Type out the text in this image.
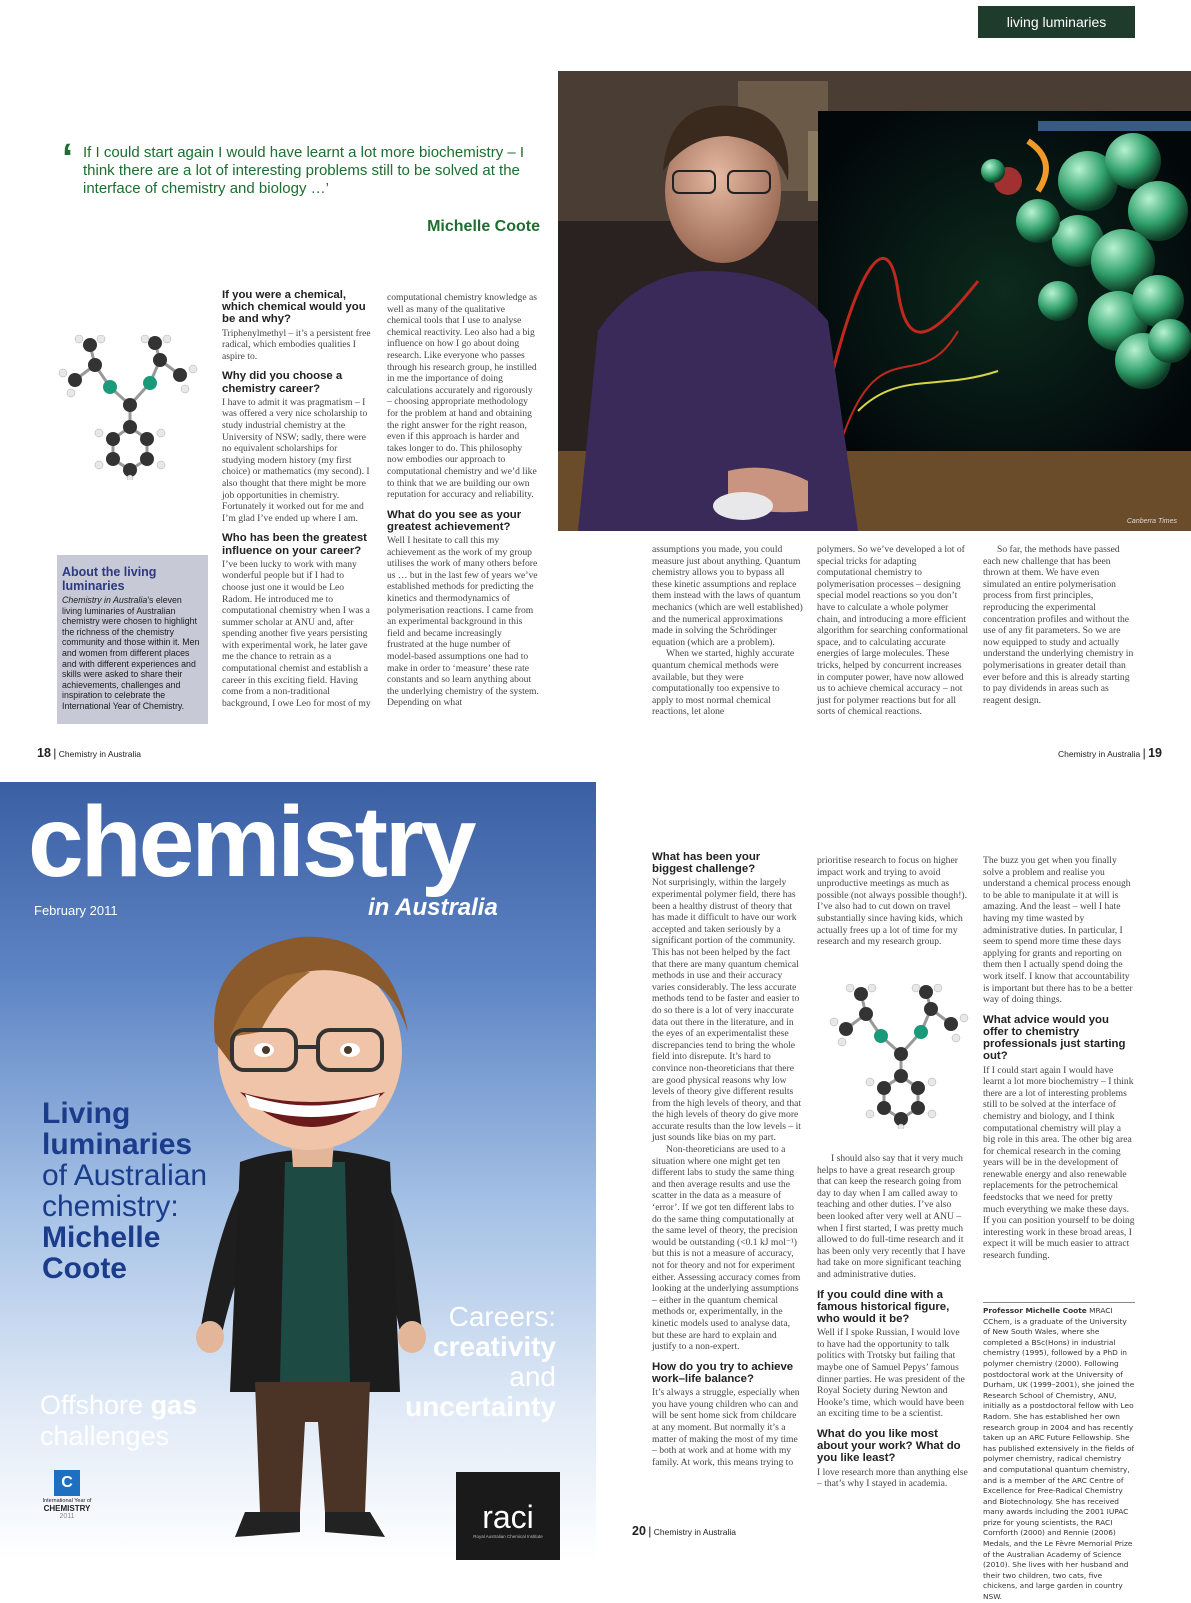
living luminaries
‘ If I could start again I would have learnt a lot more biochemistry – I think there are a lot of interesting problems still to be solved at the interface of chemistry and biology …’
Michelle Coote
Canberra Times
About the living luminaries
Chemistry in Australia’s eleven living luminaries of Australian chemistry were chosen to highlight the richness of the chemistry community and those within it. Men and women from different places and with different experiences and skills were asked to share their achievements, challenges and inspiration to celebrate the International Year of Chemistry.
If you were a chemical, which chemical would you be and why?

Triphenylmethyl – it’s a persistent free radical, which embodies qualities I aspire to.

Why did you choose a chemistry career?

I have to admit it was pragmatism – I was offered a very nice scholarship to study industrial chemistry at the University of NSW; sadly, there were no equivalent scholarships for studying modern history (my first choice) or mathematics (my second). I also thought that there might be more job opportunities in chemistry. Fortunately it worked out for me and I’m glad I’ve ended up where I am.

Who has been the greatest influence on your career?

I’ve been lucky to work with many wonderful people but if I had to choose just one it would be Leo Radom. He introduced me to computational chemistry when I was a summer scholar at ANU and, after spending another five years persisting with experimental work, he later gave me the chance to retrain as a computational chemist and establish a career in this exciting field. Having come from a non-traditional background, I owe Leo for most of my

computational chemistry knowledge as well as many of the qualitative chemical tools that I use to analyse chemical reactivity. Leo also had a big influence on how I go about doing research. Like everyone who passes through his research group, he instilled in me the importance of doing calculations accurately and rigorously – choosing appropriate methodology for the problem at hand and obtaining the right answer for the right reason, even if this approach is harder and takes longer to do. This philosophy now embodies our approach to computational chemistry and we’d like to think that we are building our own reputation for accuracy and reliability.

What do you see as your greatest achievement?

Well I hesitate to call this my achievement as the work of my group utilises the work of many others before us … but in the last few of years we’ve established methods for predicting the kinetics and thermodynamics of polymerisation reactions. I came from an experimental background in this field and became increasingly frustrated at the huge number of model-based assumptions one had to make in order to ‘measure’ these rate constants and so learn anything about the underlying chemistry of the system. Depending on what

assumptions you made, you could measure just about anything. Quantum chemistry allows you to bypass all these kinetic assumptions and replace them instead with the laws of quantum mechanics (which are well established) and the numerical approximations made in solving the Schrödinger equation (which are a problem).

When we started, highly accurate quantum chemical methods were available, but they were computationally too expensive to apply to most normal chemical reactions, let alone

polymers. So we’ve developed a lot of special tricks for adapting computational chemistry to polymerisation processes – designing special model reactions so you don’t have to calculate a whole polymer chain, and introducing a more efficient algorithm for searching conformational space, and to calculating accurate energies of large molecules. These tricks, helped by concurrent increases in computer power, have now allowed us to achieve chemical accuracy – not just for polymer reactions but for all sorts of chemical reactions.

So far, the methods have passed each new challenge that has been thrown at them. We have even simulated an entire polymerisation process from first principles, reproducing the experimental concentration profiles and without the use of any fit parameters. So we are now equipped to study and actually understand the underlying chemistry in polymerisations in greater detail than ever before and this is already starting to pay dividends in areas such as reagent design.

18 | Chemistry in Australia	Chemistry in Australia | 19
chemistry
in Australia
February 2011
Living
luminaries
of Australian
chemistry:
Michelle
Coote
Careers:
creativity
and
uncertainty
Offshore gas
challenges
C
International Year of
CHEMISTRY
2011	raci
Royal Australian Chemical Institute
What has been your biggest challenge?

Not surprisingly, within the largely experimental polymer field, there has been a healthy distrust of theory that has made it difficult to have our work accepted and taken seriously by a significant portion of the community. This has not been helped by the fact that there are many quantum chemical methods in use and their accuracy varies considerably. The less accurate methods tend to be faster and easier to do so there is a lot of very inaccurate data out there in the literature, and in the eyes of an experimentalist these discrepancies tend to bring the whole field into disrepute. It’s hard to convince non-theoreticians that there are good physical reasons why low levels of theory give different results from the high levels of theory, and that the high levels of theory do give more accurate results than the low levels – it just sounds like bias on my part.

Non-theoreticians are used to a situation where one might get ten different labs to study the same thing and then average results and use the scatter in the data as a measure of ‘error’. If we got ten different labs to do the same thing computationally at the same level of theory, the precision would be outstanding (<0.1 kJ mol⁻¹) but this is not a measure of accuracy, not for theory and not for experiment either. Assessing accuracy comes from looking at the underlying assumptions – either in the quantum chemical methods or, experimentally, in the kinetic models used to analyse data, but these are hard to explain and justify to a non-expert.

How do you try to achieve work–life balance?

It’s always a struggle, especially when you have young children who can and will be sent home sick from childcare at any moment. But normally it’s a matter of making the most of my time – both at work and at home with my family. At work, this means trying to

prioritise research to focus on higher impact work and trying to avoid unproductive meetings as much as possible (not always possible though!). I’ve also had to cut down on travel substantially since having kids, which actually frees up a lot of time for my research and my research group.

I should also say that it very much helps to have a great research group that can keep the research going from day to day when I am called away to teaching and other duties. I’ve also been looked after very well at ANU – when I first started, I was pretty much allowed to do full-time research and it has been only very recently that I have had take on more significant teaching and administrative duties.

If you could dine with a famous historical figure, who would it be?

Well if I spoke Russian, I would love to have had the opportunity to talk politics with Trotsky but failing that maybe one of Samuel Pepys’ famous dinner parties. He was president of the Royal Society during Newton and Hooke’s time, which would have been an exciting time to be a scientist.

What do you like most about your work? What do you like least?

I love research more than anything else – that’s why I stayed in academia.

The buzz you get when you finally solve a problem and realise you understand a chemical process enough to be able to manipulate it at will is amazing. And the least – well I hate having my time wasted by administrative duties. In particular, I seem to spend more time these days applying for grants and reporting on them then I actually spend doing the work itself. I know that accountability is important but there has to be a better way of doing things.

What advice would you offer to chemistry professionals just starting out?

If I could start again I would have learnt a lot more biochemistry – I think there are a lot of interesting problems still to be solved at the interface of chemistry and biology, and I think computational chemistry will play a big role in this area. The other big area for chemical research in the coming years will be in the development of renewable energy and also renewable replacements for the petrochemical feedstocks that we need for pretty much everything we make these days. If you can position yourself to be doing interesting work in these broad areas, I expect it will be much easier to attract research funding.

Professor Michelle Coote MRACI CChem, is a graduate of the University of New South Wales, where she completed a BSc(Hons) in industrial chemistry (1995), followed by a PhD in polymer chemistry (2000). Following postdoctoral work at the University of Durham, UK (1999–2001), she joined the Research School of Chemistry, ANU, initially as a postdoctoral fellow with Leo Radom. She has established her own research group in 2004 and has recently taken up an ARC Future Fellowship. She has published extensively in the fields of polymer chemistry, radical chemistry and computational quantum chemistry, and is a member of the ARC Centre of Excellence for Free-Radical Chemistry and Biotechnology. She has received many awards including the 2001 IUPAC prize for young scientists, the RACI Cornforth (2000) and Rennie (2006) Medals, and the Le Fèvre Memorial Prize of the Australian Academy of Science (2010). She lives with her husband and their two children, two cats, five chickens, and large garden in country NSW.
20 | Chemistry in Australia
